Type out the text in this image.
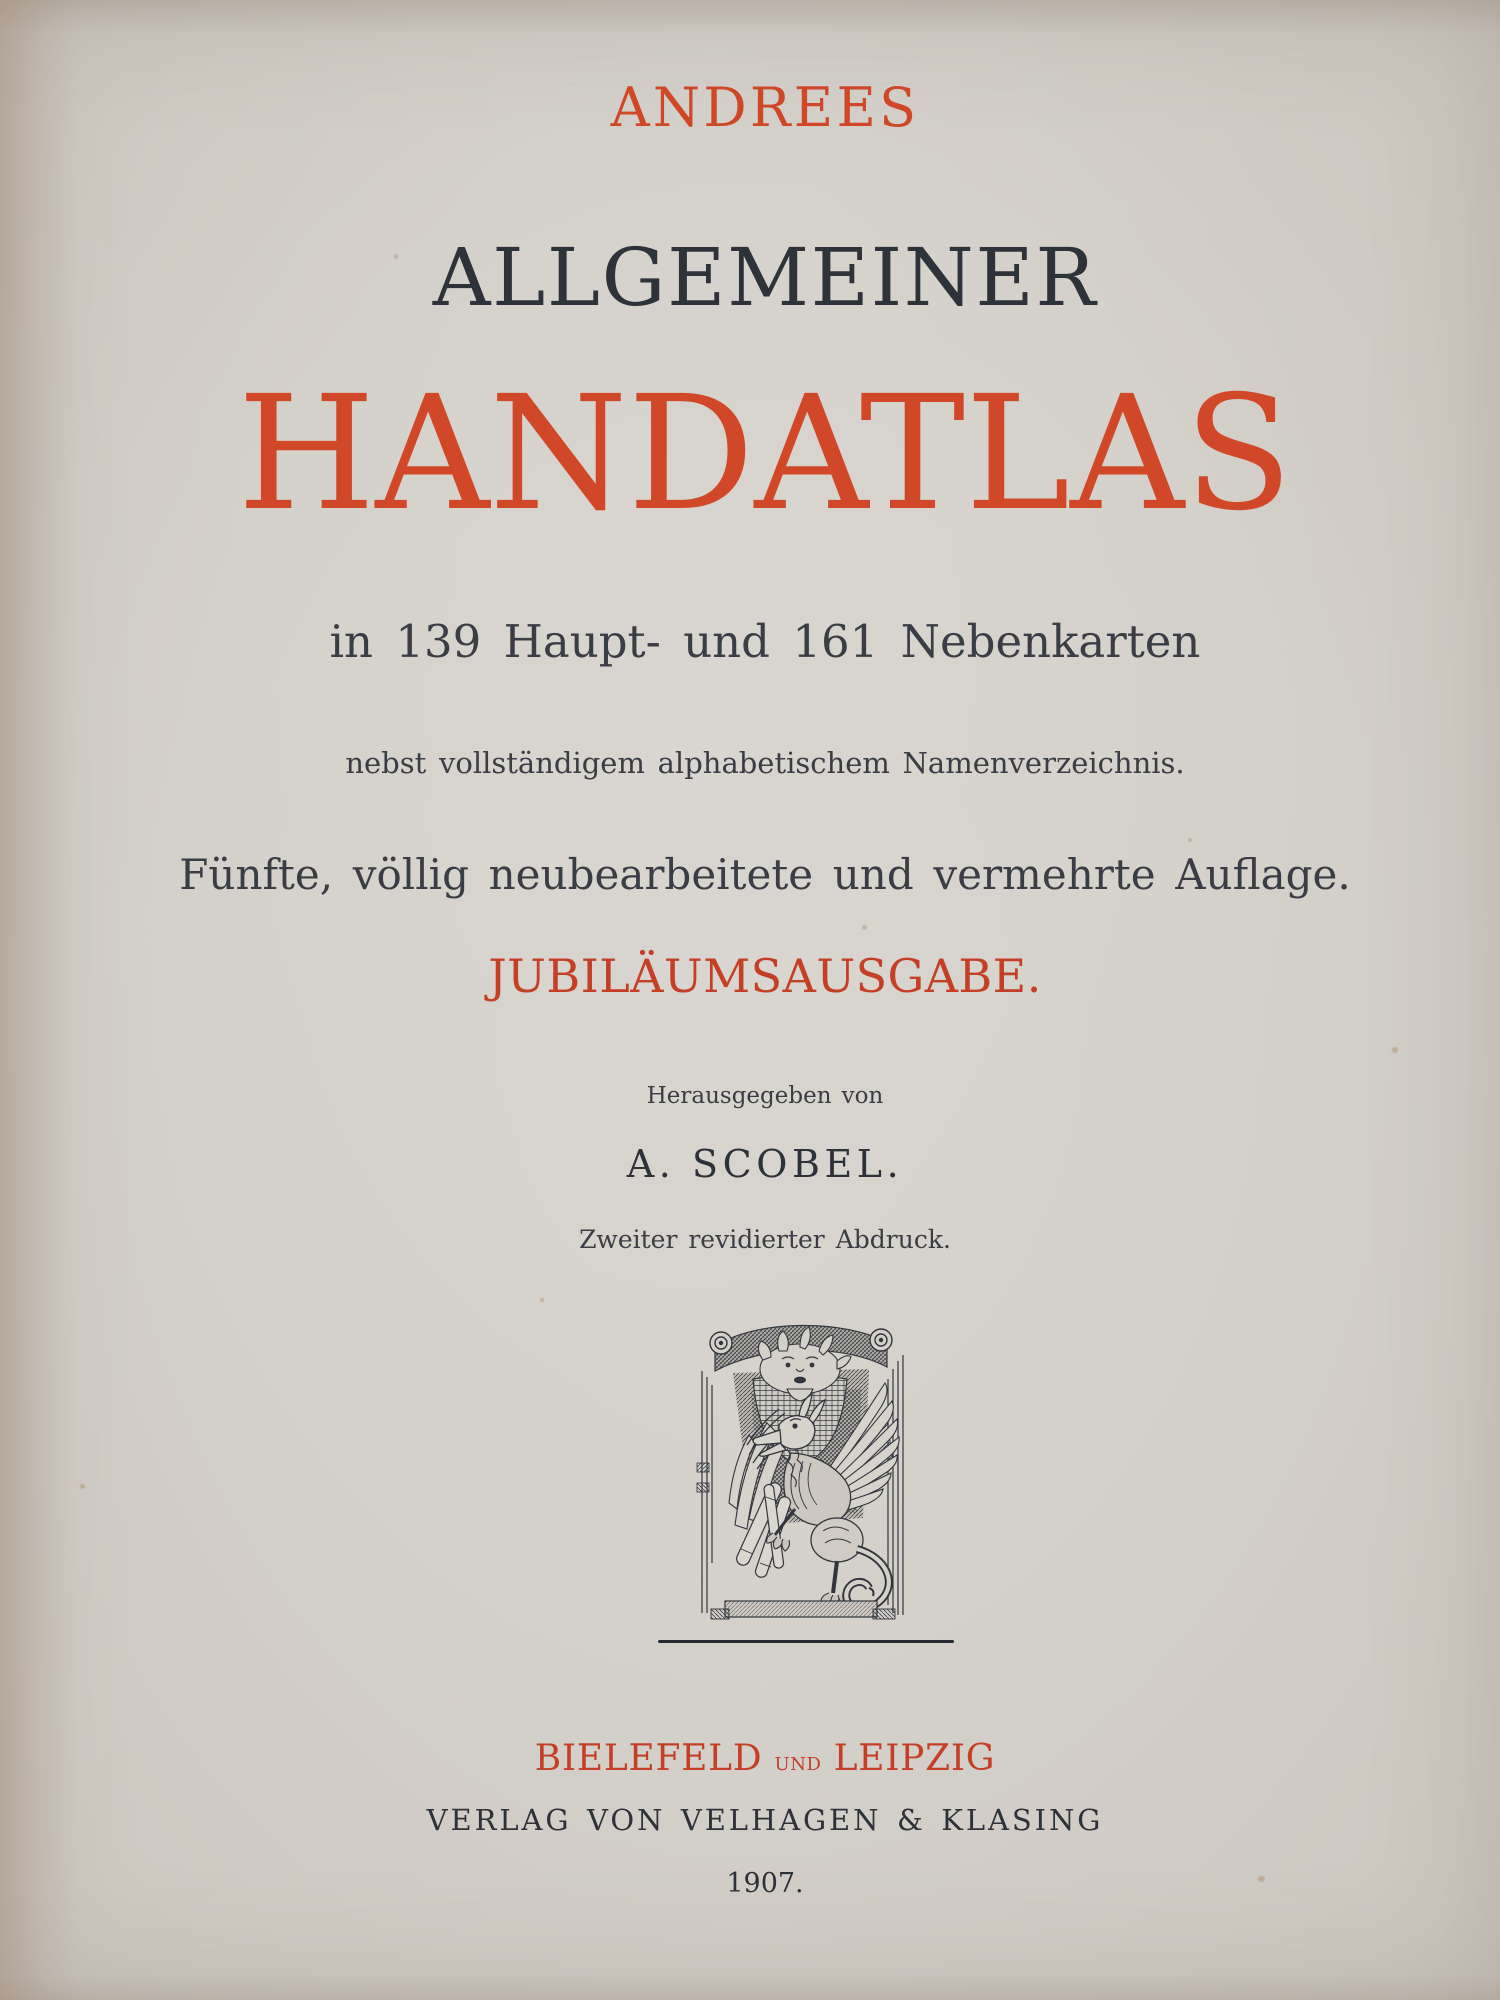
ANDREES
ALLGEMEINER
HANDATLAS
in 139 Haupt- und 161 Nebenkarten
nebst vollständigem alphabetischem Namenverzeichnis.
Fünfte, völlig neubearbeitete und vermehrte Auflage.
JUBILÄUMSAUSGABE.
Herausgegeben von
A. SCOBEL.
Zweiter revidierter Abdruck.
BIELEFELD und LEIPZIG
VERLAG VON VELHAGEN & KLASING
1907.
